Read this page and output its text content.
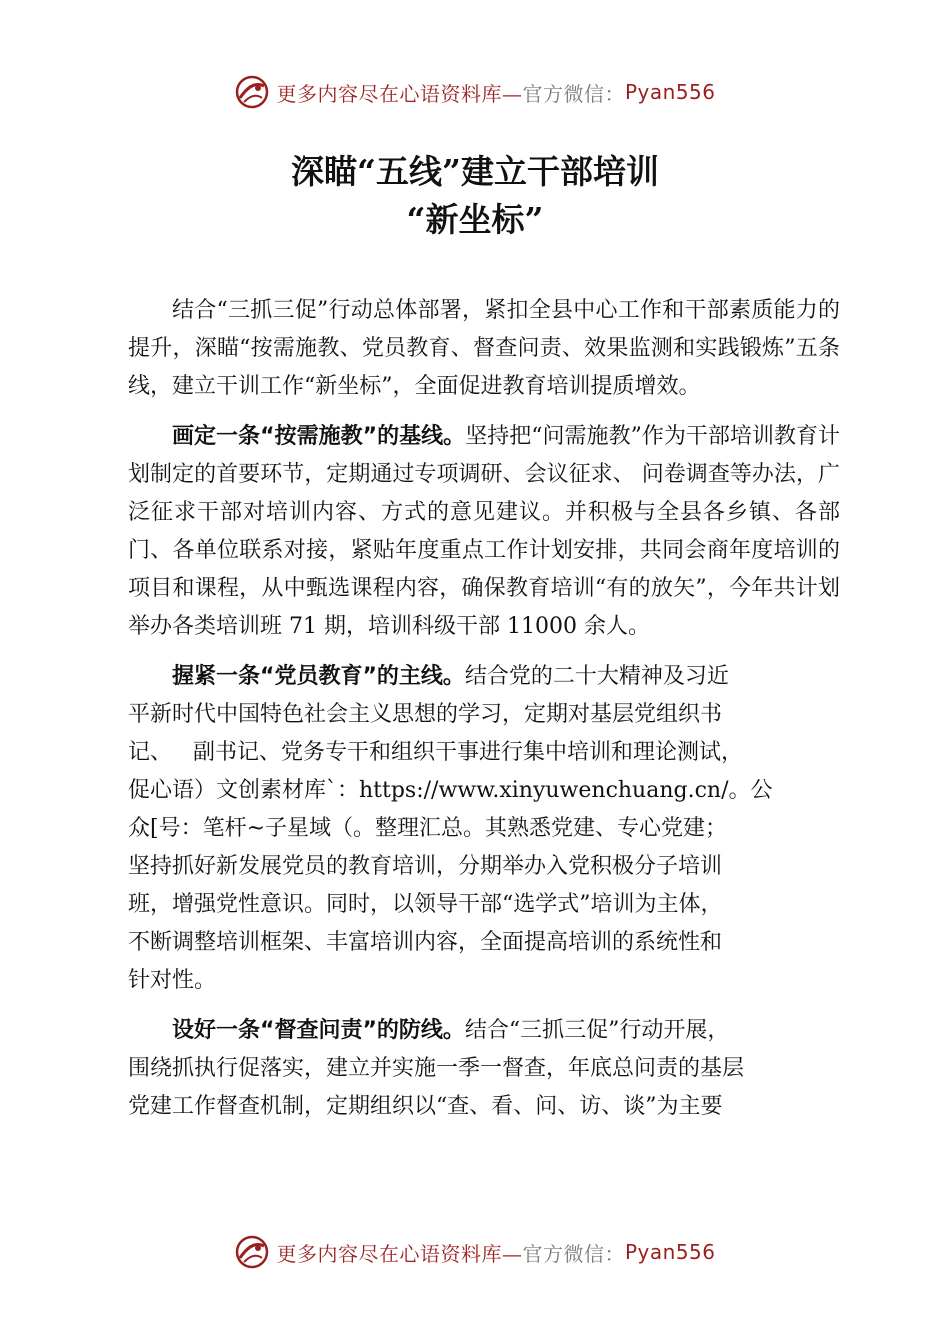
更多内容尽在心语资料库— 官方微信： Pyan556
深瞄“五线”建立干部培训
“新坐标”

结合“三抓三促”行动总体部署，紧扣全县中心工作和干部素质能力的提升，深瞄“按需施教、党员教育、督查问责、效果监测和实践锻炼”五条线，建立干训工作“新坐标”，全面促进教育培训提质增效。

画定一条“按需施教”的基线。坚持把“问需施教”作为干部培训教育计划制定的首要环节，定期通过专项调研、会议征求、 问卷调查等办法，广泛征求干部对培训内容、方式的意见建议。并积极与全县各乡镇、各部门、各单位联系对接，紧贴年度重点工作计划安排，共同会商年度培训的项目和课程，从中甄选课程内容，确保教育培训“有的放矢”，今年共计划举办各类培训班 71 期，培训科级干部 11000 余人。

握紧一条“党员教育”的主线。结合党的二十大精神及习近
平新时代中国特色社会主义思想的学习，定期对基层党组织书
记、   副书记、党务专干和组织干事进行集中培训和理论测试，
促心语）文创素材库`：https://www.xinyuwenchuang.cn/。公
众[号：笔杆~子星域（。整理汇总。其熟悉党建、专心党建；
坚持抓好新发展党员的教育培训，分期举办入党积极分子培训
班，增强党性意识。同时，以领导干部“选学式”培训为主体，
不断调整培训框架、丰富培训内容，全面提高培训的系统性和
针对性。

设好一条“督查问责”的防线。结合“三抓三促”行动开展，
围绕抓执行促落实，建立并实施一季一督查，年底总问责的基层
党建工作督查机制，定期组织以“查、看、问、访、谈”为主要

更多内容尽在心语资料库— 官方微信： Pyan556
